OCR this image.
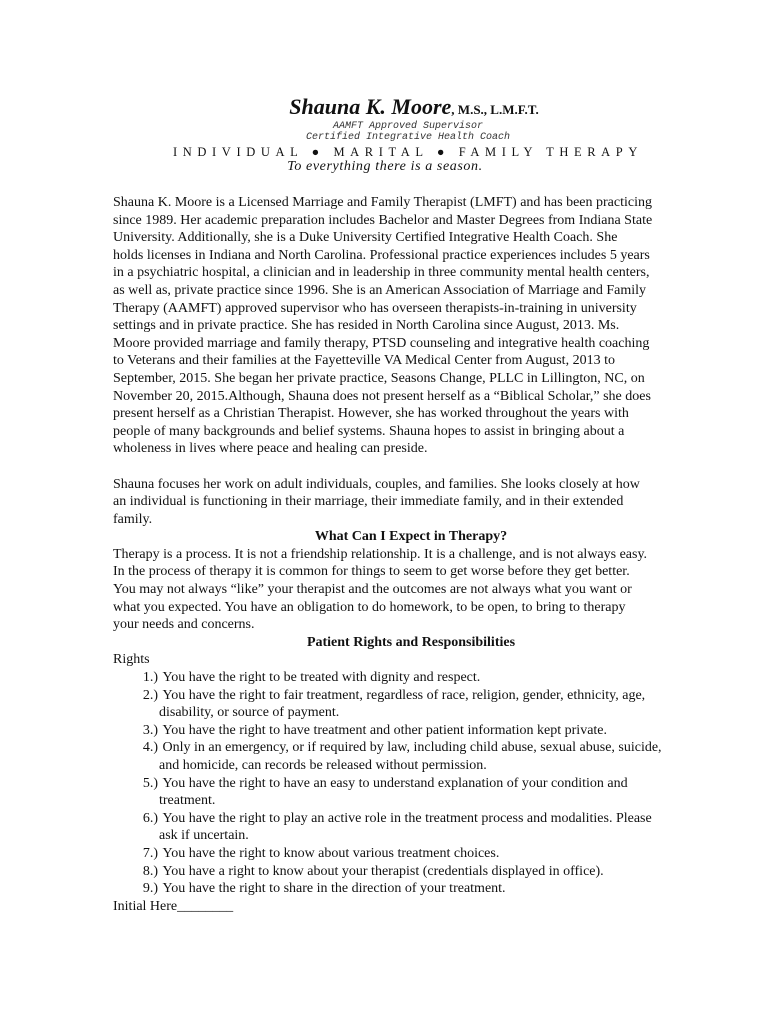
Shauna K. Moore, M.S., L.M.F.T.
AAMFT Approved Supervisor
Certified Integrative Health Coach
INDIVIDUAL ● MARITAL ● FAMILY THERAPY
To everything there is a season.
Shauna K. Moore is a Licensed Marriage and Family Therapist (LMFT) and has been practicing
since 1989. Her academic preparation includes Bachelor and Master Degrees from Indiana State
University. Additionally, she is a Duke University Certified Integrative Health Coach. She
holds licenses in Indiana and North Carolina. Professional practice experiences includes 5 years
in a psychiatric hospital, a clinician and in leadership in three community mental health centers,
as well as, private practice since 1996. She is an American Association of Marriage and Family
Therapy (AAMFT) approved supervisor who has overseen therapists-in-training in university
settings and in private practice. She has resided in North Carolina since August, 2013. Ms.
Moore provided marriage and family therapy, PTSD counseling and integrative health coaching
to Veterans and their families at the Fayetteville VA Medical Center from August, 2013 to
September, 2015. She began her private practice, Seasons Change, PLLC in Lillington, NC, on
November 20, 2015.Although, Shauna does not present herself as a “Biblical Scholar,” she does
present herself as a Christian Therapist. However, she has worked throughout the years with
people of many backgrounds and belief systems. Shauna hopes to assist in bringing about a
wholeness in lives where peace and healing can preside.
Shauna focuses her work on adult individuals, couples, and families. She looks closely at how
an individual is functioning in their marriage, their immediate family, and in their extended
family.
What Can I Expect in Therapy?
Therapy is a process. It is not a friendship relationship. It is a challenge, and is not always easy.
In the process of therapy it is common for things to seem to get worse before they get better.
You may not always “like” your therapist and the outcomes are not always what you want or
what you expected. You have an obligation to do homework, to be open, to bring to therapy
your needs and concerns.
Patient Rights and Responsibilities
Rights
1.) You have the right to be treated with dignity and respect.
2.) You have the right to fair treatment, regardless of race, religion, gender, ethnicity, age,
disability, or source of payment.
3.) You have the right to have treatment and other patient information kept private.
4.) Only in an emergency, or if required by law, including child abuse, sexual abuse, suicide,
and homicide, can records be released without permission.
5.) You have the right to have an easy to understand explanation of your condition and
treatment.
6.) You have the right to play an active role in the treatment process and modalities. Please
ask if uncertain.
7.) You have the right to know about various treatment choices.
8.) You have a right to know about your therapist (credentials displayed in office).
9.) You have the right to share in the direction of your treatment.
Initial Here________
